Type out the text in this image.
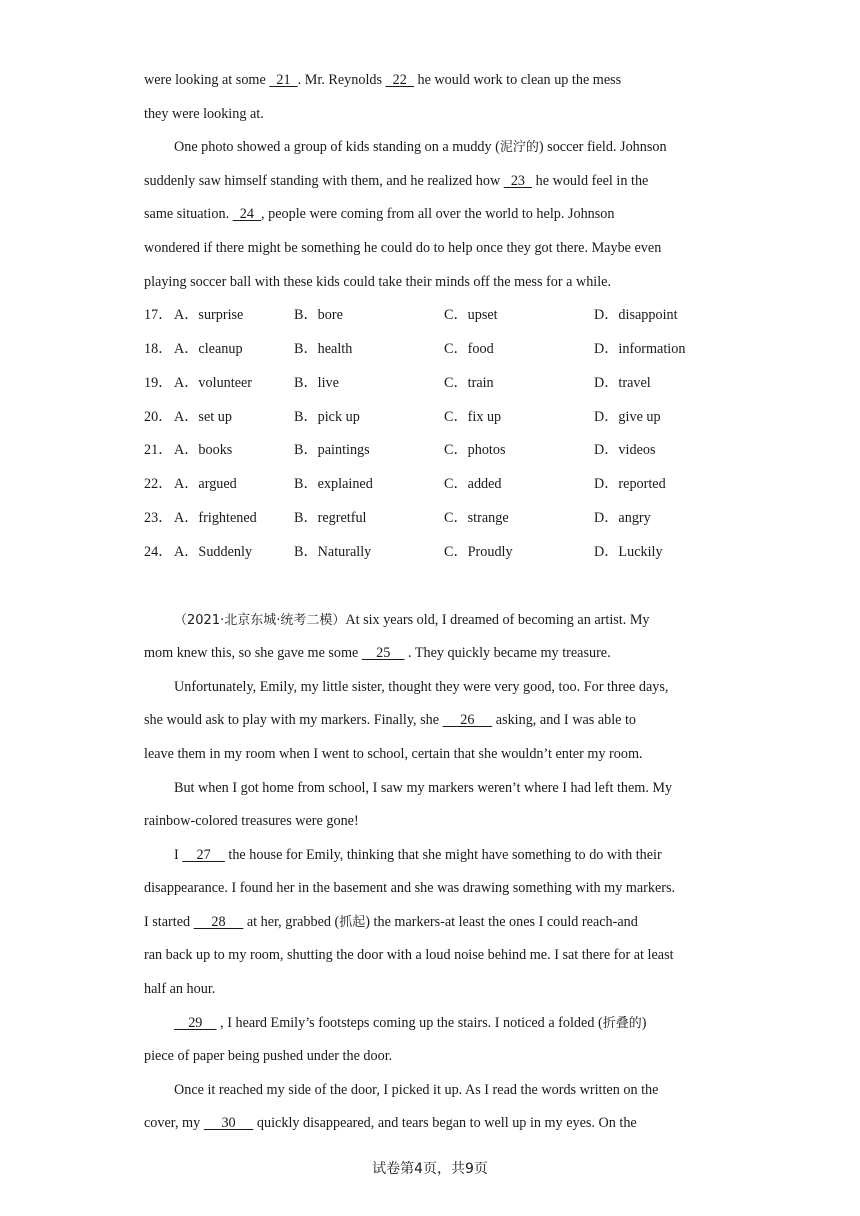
were looking at some   21  . Mr. Reynolds   22   he would work to clean up the mess
they were looking at.
One photo showed a group of kids standing on a muddy (泥泞的) soccer field. Johnson
suddenly saw himself standing with them, and he realized how   23   he would feel in the
same situation.   24  , people were coming from all over the world to help. Johnson
wondered if there might be something he could do to help once they got there. Maybe even
playing soccer ball with these kids could take their minds off the mess for a while.
17． A．surprise	B．bore	C．upset	D．disappoint
18． A．cleanup	B．health	C．food	D．information
19． A．volunteer	B．live	C．train	D．travel
20． A．set up	B．pick up	C．fix up	D．give up
21． A．books	B．paintings	C．photos	D．videos
22． A．argued	B．explained	C．added	D．reported
23． A．frightened	B．regretful	C．strange	D．angry
24． A．Suddenly	B．Naturally	C．Proudly	D．Luckily
（2021·北京东城·统考二模）At six years old, I dreamed of becoming an artist. My
mom knew this, so she gave me some     25     . They quickly became my treasure.
Unfortunately, Emily, my little sister, thought they were very good, too. For three days,
she would ask to play with my markers. Finally, she      26      asking, and I was able to
leave them in my room when I went to school, certain that she wouldn’t enter my room.
But when I got home from school, I saw my markers weren’t where I had left them. My
rainbow-colored treasures were gone!
I     27     the house for Emily, thinking that she might have something to do with their
disappearance. I found her in the basement and she was drawing something with my markers.
I started      28      at her, grabbed (抓起) the markers-at least the ones I could reach-and
ran back up to my room, shutting the door with a loud noise behind me. I sat there for at least
half an hour.
29     , I heard Emily’s footsteps coming up the stairs. I noticed a folded (折叠的)
piece of paper being pushed under the door.
Once it reached my side of the door, I picked it up. As I read the words written on the
cover, my      30      quickly disappeared, and tears began to well up in my eyes. On the
试卷第4页，共9页
